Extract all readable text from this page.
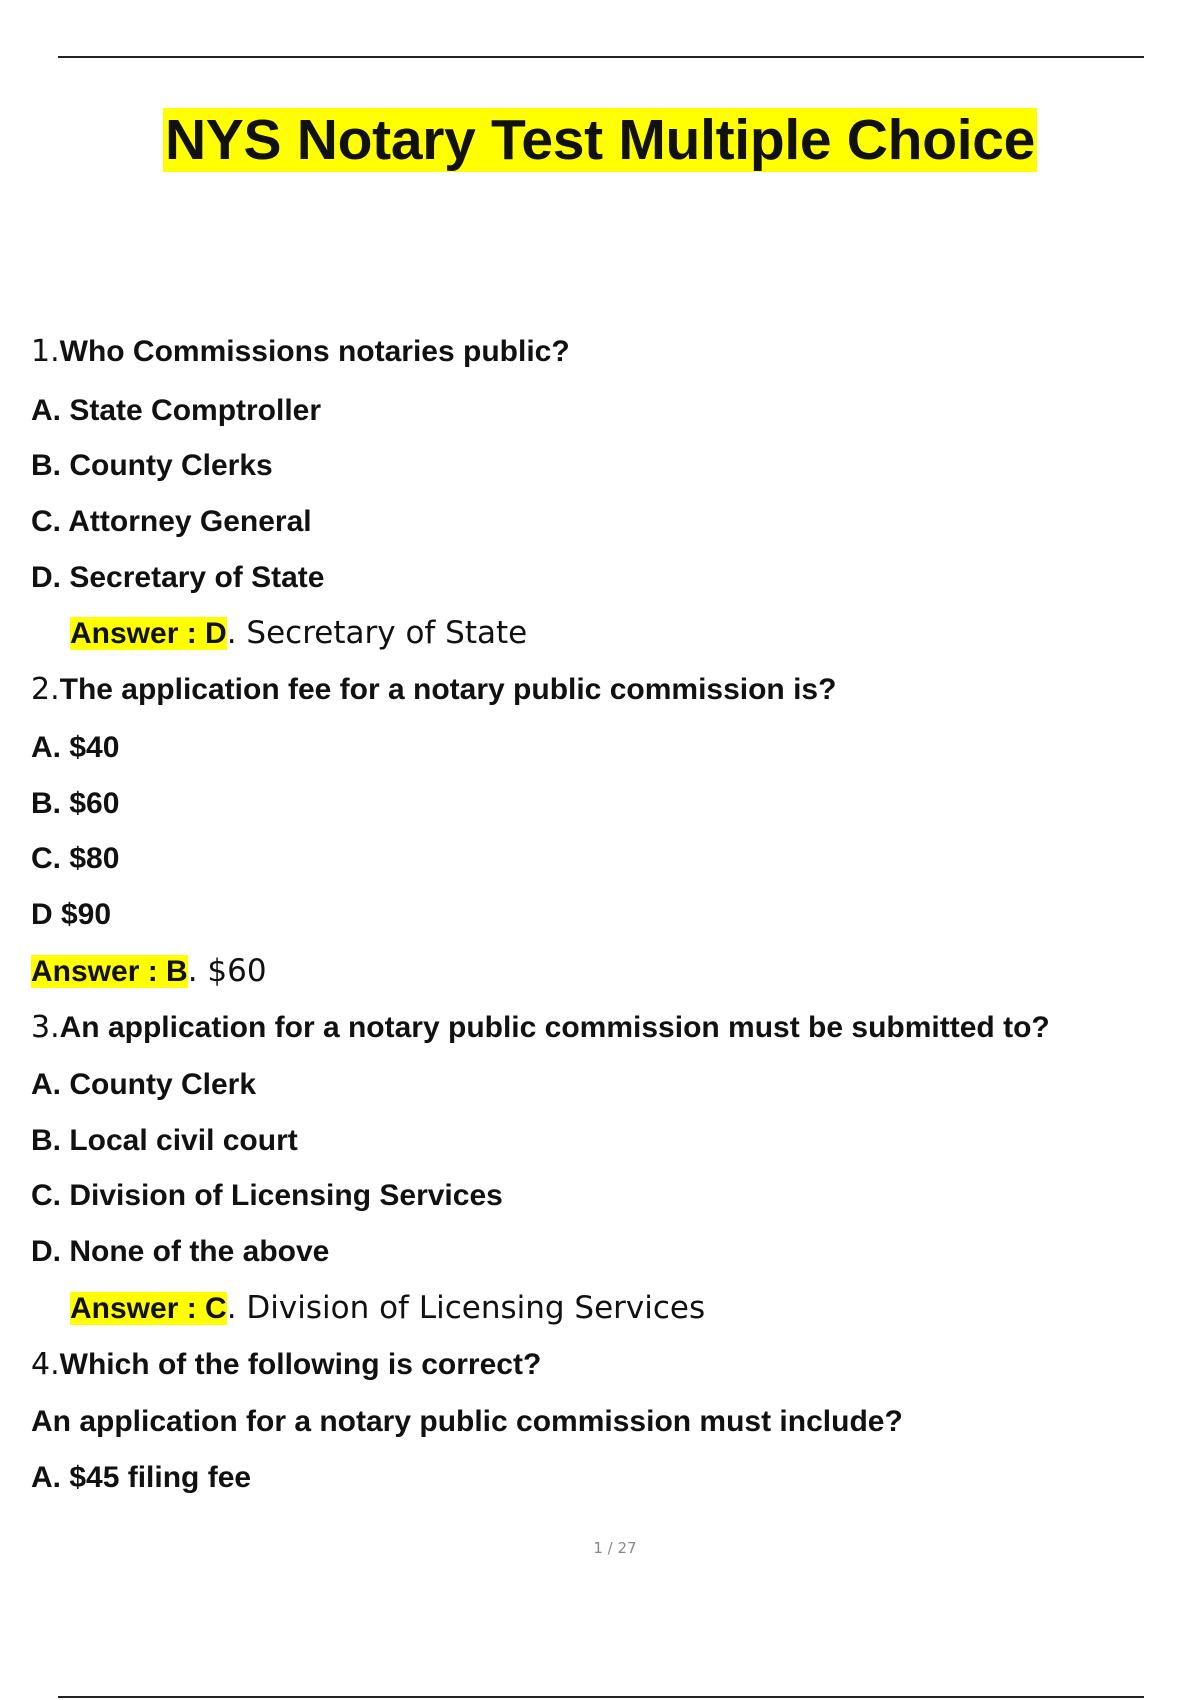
NYS Notary Test Multiple Choice
1.Who Commissions notaries public?
A. State Comptroller
B. County Clerks
C. Attorney General
D. Secretary of State
Answer : D. Secretary of State
2.The application fee for a notary public commission is?
A. $40
B. $60
C. $80
D $90
Answer : B. $60
3.An application for a notary public commission must be submitted to?
A. County Clerk
B. Local civil court
C. Division of Licensing Services
D. None of the above
Answer : C. Division of Licensing Services
4.Which of the following is correct?
An application for a notary public commission must include?
A. $45 filing fee
1 / 27
